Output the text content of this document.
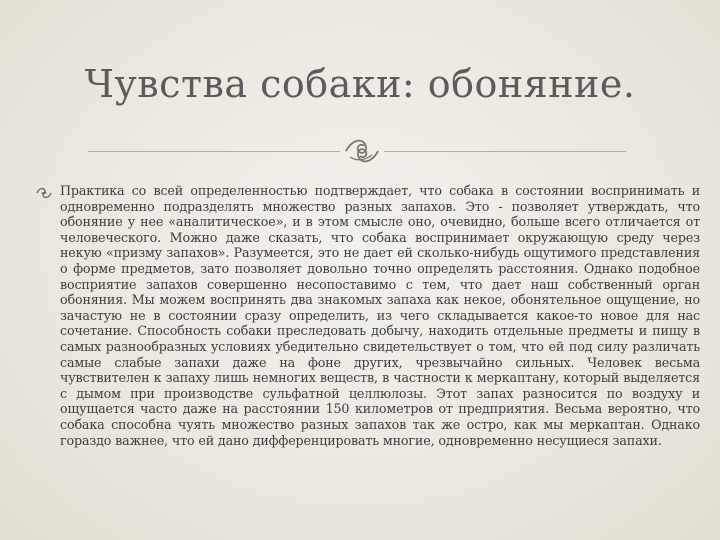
Чувства собаки: обоняние.

Практика со всей определенностью подтверждает, что собака в состоянии воспринимать и одновременно подразделять множество разных запахов. Это - позволяет утверждать, что обоняние у нее «аналитическое», и в этом смысле оно, очевидно, больше всего отличается от человеческого. Можно даже сказать, что собака воспринимает окружающую среду через некую «призму запахов». Разумеется, это не дает ей сколько-нибудь ощутимого представления о форме предметов, зато позволяет довольно точно определять расстояния. Однако подобное восприятие запахов совершенно несопоставимо с тем, что дает наш собственный орган обоняния. Мы можем воспринять два знакомых запаха как некое, обонятельное ощущение, но зачастую не в состоянии сразу определить, из чего складывается какое-то новое для нас сочетание. Способность собаки преследовать добычу, находить отдельные предметы и пищу в самых разнообразных условиях убедительно свидетельствует о том, что ей под силу различать самые слабые запахи даже на фоне других, чрезвычайно сильных. Человек весьма чувствителен к запаху лишь немногих веществ, в частности к меркаптану, который выделяется с дымом при производстве сульфатной целлюлозы. Этот запах разносится по воздуху и ощущается часто даже на расстоянии 150 километров от предприятия. Весьма вероятно, что собака способна чуять множество разных запахов так же остро, как мы меркаптан. Однако гораздо важнее, что ей дано дифференцировать многие, одновременно несущиеся запахи.
